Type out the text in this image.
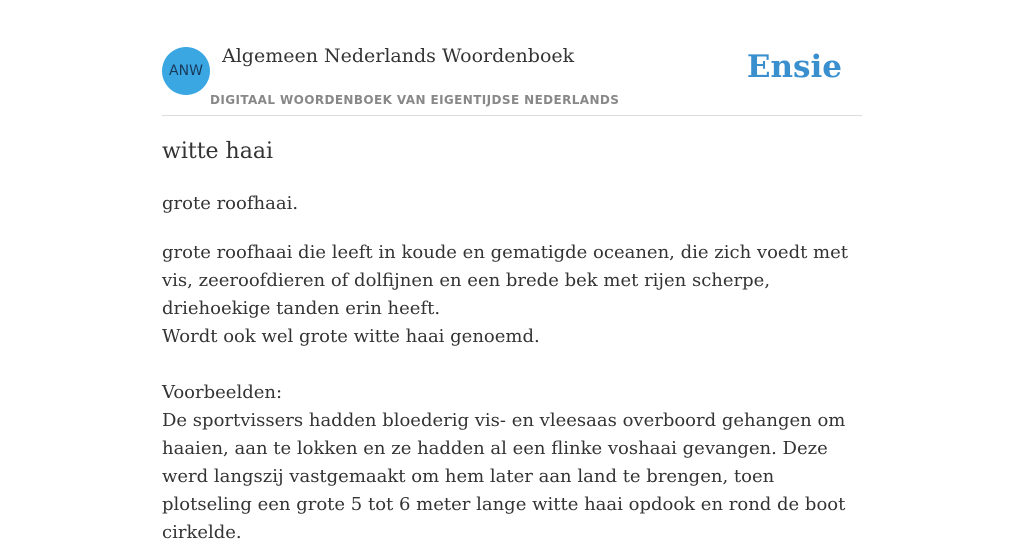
ANW
Algemeen Nederlands Woordenboek
DIGITAAL WOORDENBOEK VAN EIGENTIJDSE NEDERLANDS
Ensie
witte haai
grote roofhaai.

grote roofhaai die leeft in koude en gematigde oceanen, die zich voedt met vis, zeeroofdieren of dolfijnen en een brede bek met rijen scherpe, driehoekige tanden erin heeft.

Wordt ook wel grote witte haai genoemd.

Voorbeelden:

De sportvissers hadden bloederig vis- en vleesaas overboord gehangen om haaien, aan te lokken en ze hadden al een flinke voshaai gevangen. Deze werd langszij vastgemaakt om hem later aan land te brengen, toen plotseling een grote 5 tot 6 meter lange witte haai opdook en rond de boot cirkelde.
